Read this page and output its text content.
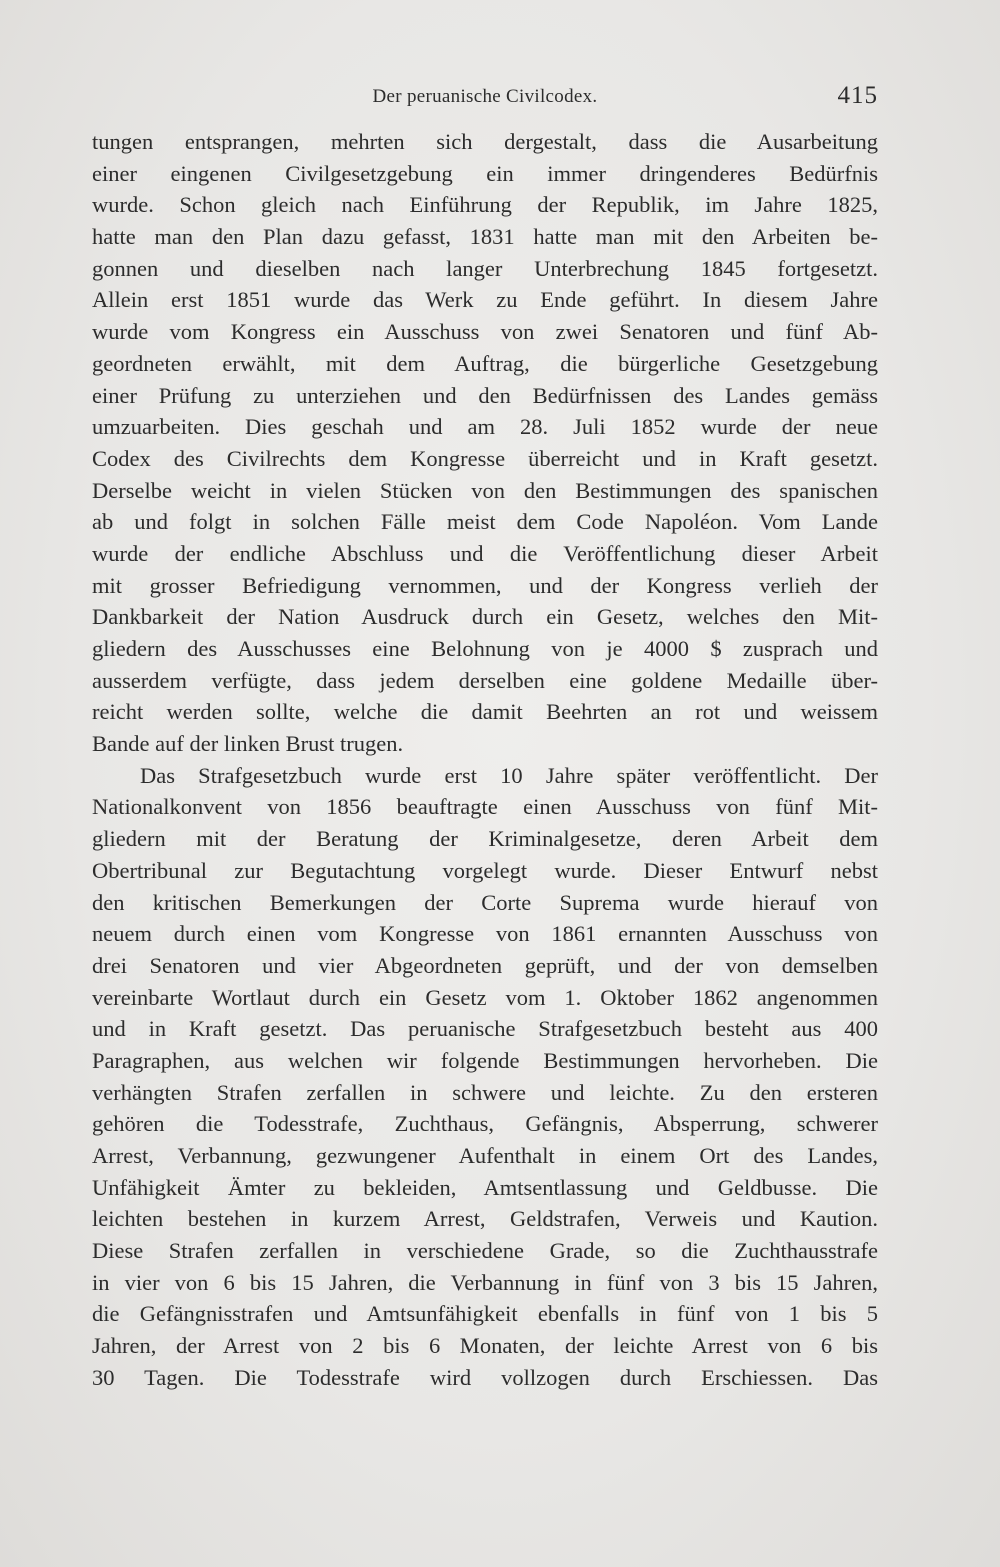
Der peruanische Civilcodex.	415
tungen entsprangen, mehrten sich dergestalt, dass die Ausarbeitung
einer eingenen Civilgesetzgebung ein immer dringenderes Bedürfnis
wurde. Schon gleich nach Einführung der Republik, im Jahre 1825,
hatte man den Plan dazu gefasst, 1831 hatte man mit den Arbeiten be-
gonnen und dieselben nach langer Unterbrechung 1845 fortgesetzt.
Allein erst 1851 wurde das Werk zu Ende geführt. In diesem Jahre
wurde vom Kongress ein Ausschuss von zwei Senatoren und fünf Ab-
geordneten erwählt, mit dem Auftrag, die bürgerliche Gesetzgebung
einer Prüfung zu unterziehen und den Bedürfnissen des Landes gemäss
umzuarbeiten. Dies geschah und am 28. Juli 1852 wurde der neue
Codex des Civilrechts dem Kongresse überreicht und in Kraft gesetzt.
Derselbe weicht in vielen Stücken von den Bestimmungen des spanischen
ab und folgt in solchen Fälle meist dem Code Napoléon. Vom Lande
wurde der endliche Abschluss und die Veröffentlichung dieser Arbeit
mit grosser Befriedigung vernommen, und der Kongress verlieh der
Dankbarkeit der Nation Ausdruck durch ein Gesetz, welches den Mit-
gliedern des Ausschusses eine Belohnung von je 4000 $ zusprach und
ausserdem verfügte, dass jedem derselben eine goldene Medaille über-
reicht werden sollte, welche die damit Beehrten an rot und weissem
Bande auf der linken Brust trugen.
Das Strafgesetzbuch wurde erst 10 Jahre später veröffentlicht. Der
Nationalkonvent von 1856 beauftragte einen Ausschuss von fünf Mit-
gliedern mit der Beratung der Kriminalgesetze, deren Arbeit dem
Obertribunal zur Begutachtung vorgelegt wurde. Dieser Entwurf nebst
den kritischen Bemerkungen der Corte Suprema wurde hierauf von
neuem durch einen vom Kongresse von 1861 ernannten Ausschuss von
drei Senatoren und vier Abgeordneten geprüft, und der von demselben
vereinbarte Wortlaut durch ein Gesetz vom 1. Oktober 1862 angenommen
und in Kraft gesetzt. Das peruanische Strafgesetzbuch besteht aus 400
Paragraphen, aus welchen wir folgende Bestimmungen hervorheben. Die
verhängten Strafen zerfallen in schwere und leichte. Zu den ersteren
gehören die Todesstrafe, Zuchthaus, Gefängnis, Absperrung, schwerer
Arrest, Verbannung, gezwungener Aufenthalt in einem Ort des Landes,
Unfähigkeit Ämter zu bekleiden, Amtsentlassung und Geldbusse. Die
leichten bestehen in kurzem Arrest, Geldstrafen, Verweis und Kaution.
Diese Strafen zerfallen in verschiedene Grade, so die Zuchthausstrafe
in vier von 6 bis 15 Jahren, die Verbannung in fünf von 3 bis 15 Jahren,
die Gefängnisstrafen und Amtsunfähigkeit ebenfalls in fünf von 1 bis 5
Jahren, der Arrest von 2 bis 6 Monaten, der leichte Arrest von 6 bis
30 Tagen. Die Todesstrafe wird vollzogen durch Erschiessen. Das
